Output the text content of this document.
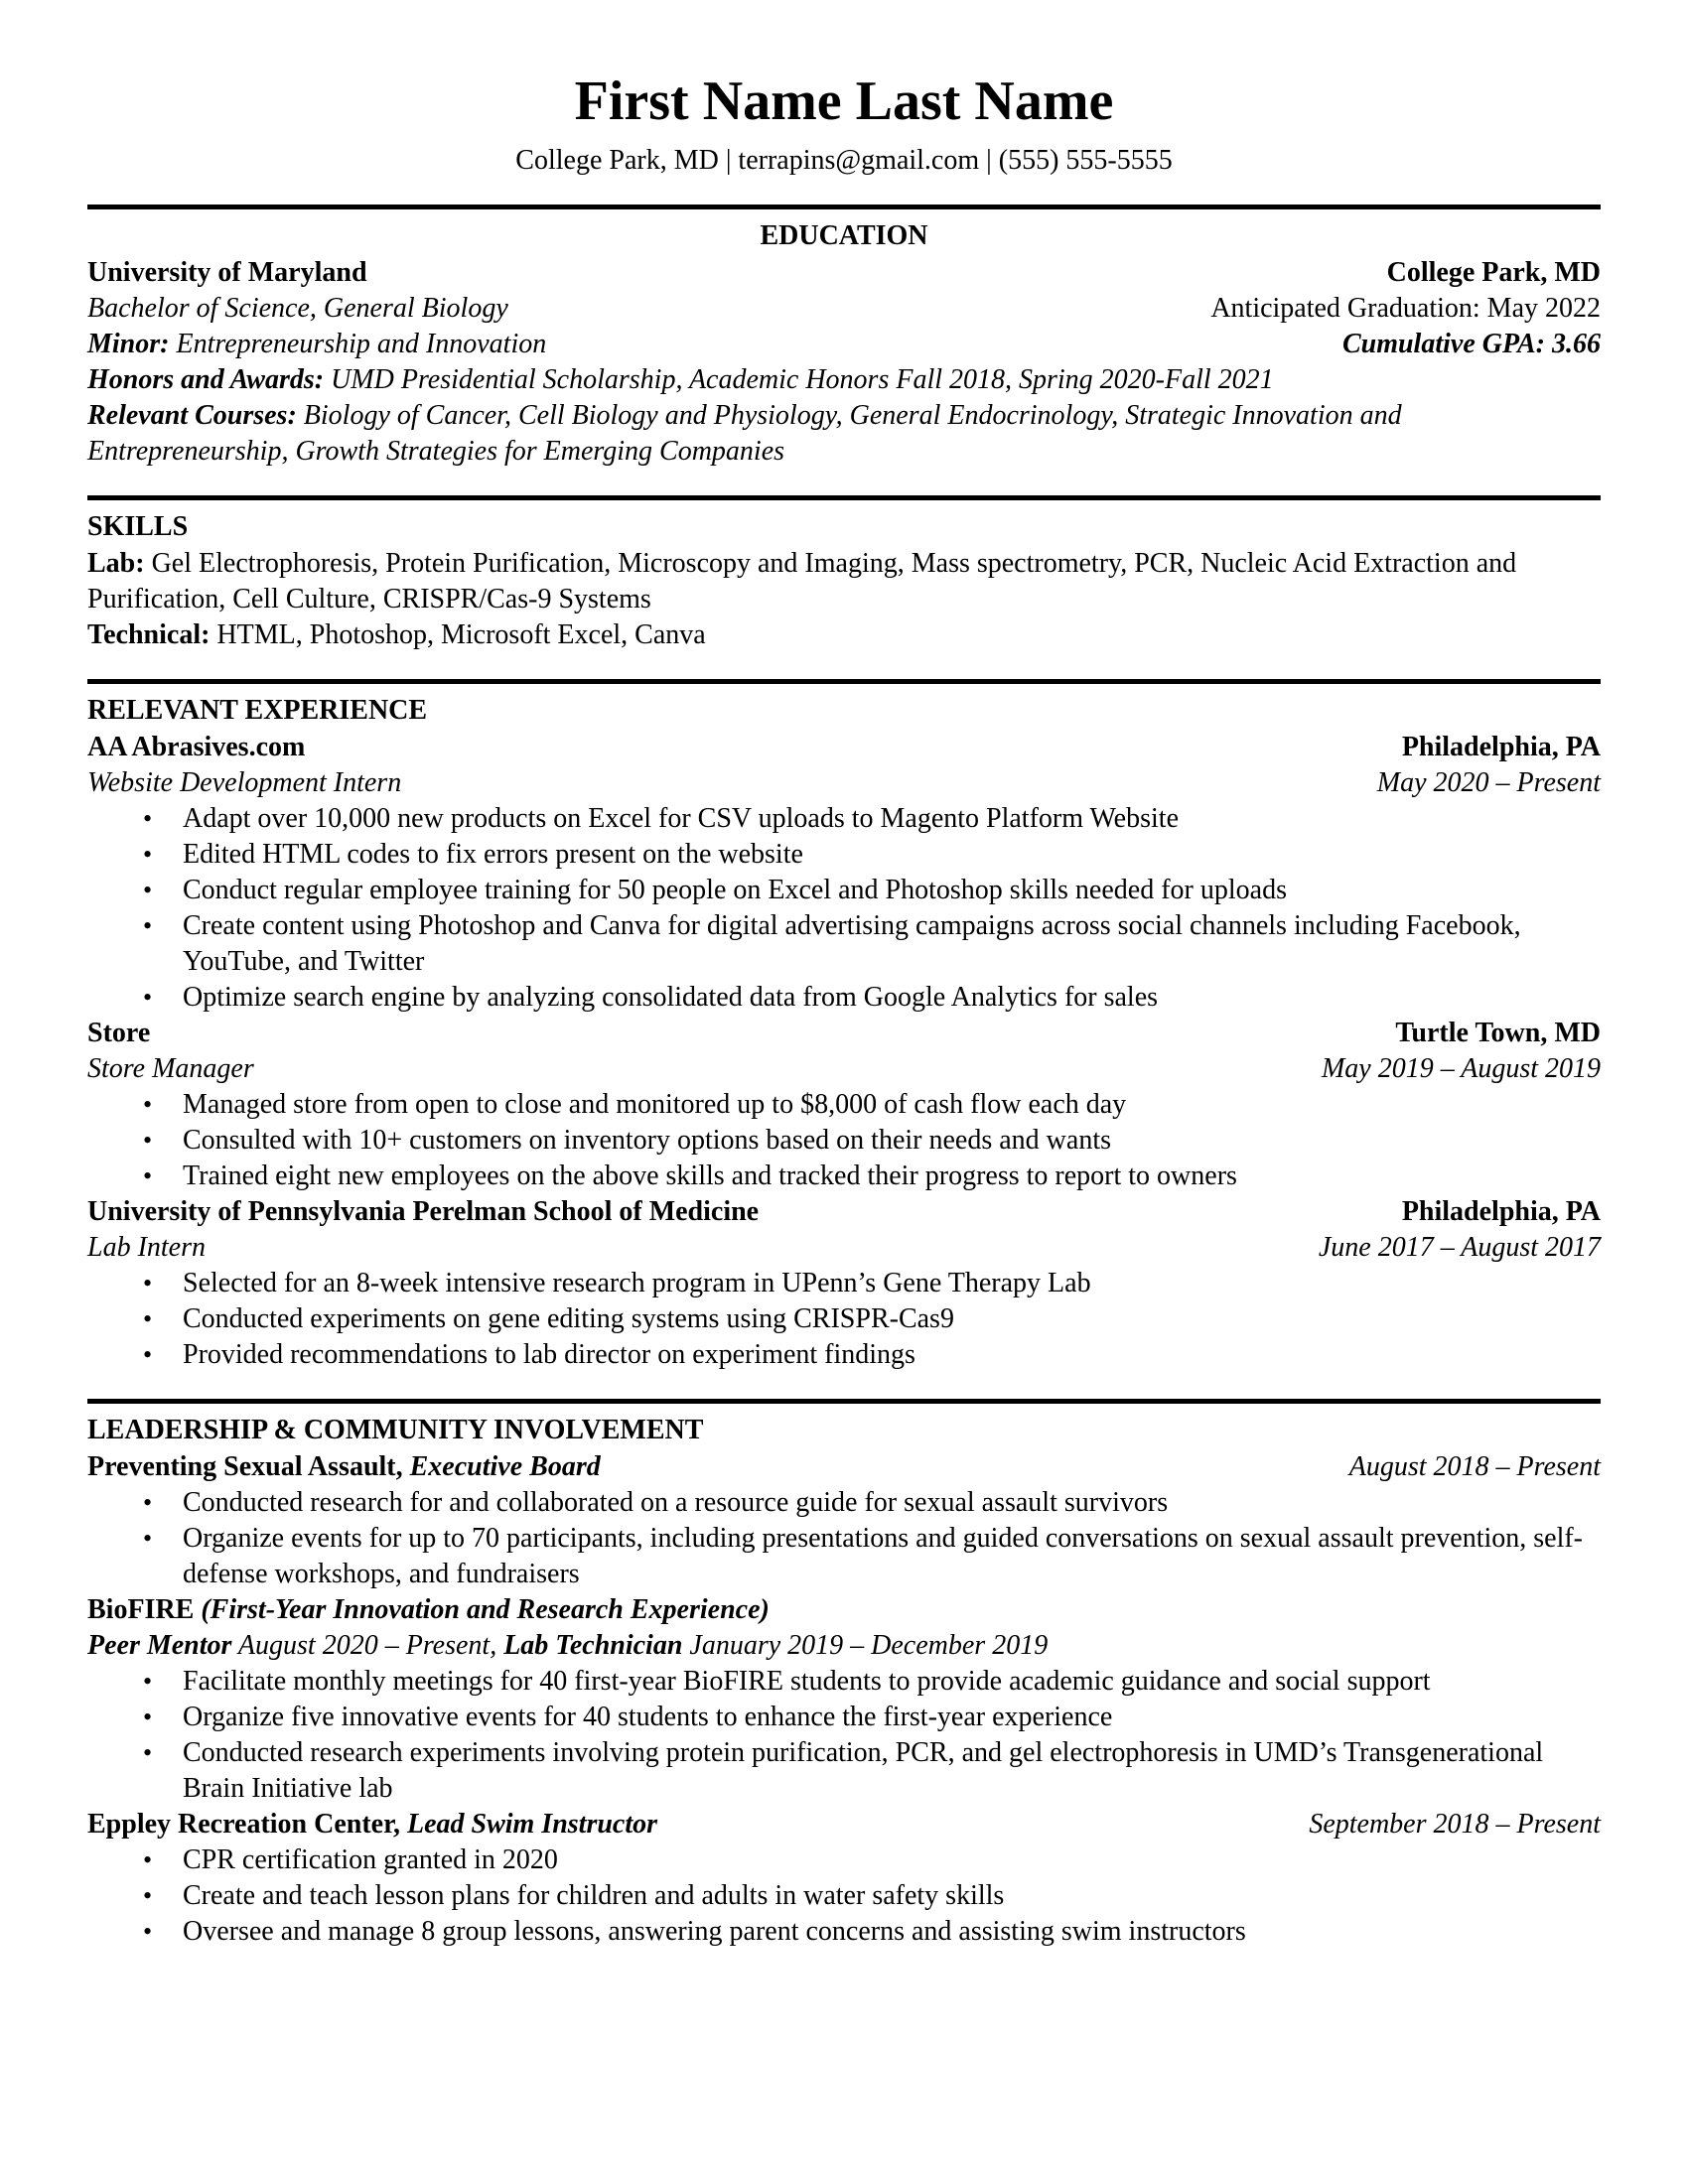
First Name Last Name

College Park, MD | terrapins@gmail.com | (555) 555-5555

EDUCATION
University of Maryland	College Park, MD
Bachelor of Science, General Biology	Anticipated Graduation: May 2022
Minor: Entrepreneurship and Innovation	Cumulative GPA: 3.66

Honors and Awards: UMD Presidential Scholarship, Academic Honors Fall 2018, Spring 2020-Fall 2021

Relevant Courses: Biology of Cancer, Cell Biology and Physiology, General Endocrinology, Strategic Innovation and Entrepreneurship, Growth Strategies for Emerging Companies

SKILLS

Lab: Gel Electrophoresis, Protein Purification, Microscopy and Imaging, Mass spectrometry, PCR, Nucleic Acid Extraction and Purification, Cell Culture, CRISPR/Cas-9 Systems

Technical: HTML, Photoshop, Microsoft Excel, Canva

RELEVANT EXPERIENCE
AA Abrasives.com	Philadelphia, PA
Website Development Intern	May 2020 – Present
• Adapt over 10,000 new products on Excel for CSV uploads to Magento Platform Website
• Edited HTML codes to fix errors present on the website
• Conduct regular employee training for 50 people on Excel and Photoshop skills needed for uploads
• Create content using Photoshop and Canva for digital advertising campaigns across social channels including Facebook, YouTube, and Twitter
• Optimize search engine by analyzing consolidated data from Google Analytics for sales
Store	Turtle Town, MD
Store Manager	May 2019 – August 2019
• Managed store from open to close and monitored up to $8,000 of cash flow each day
• Consulted with 10+ customers on inventory options based on their needs and wants
• Trained eight new employees on the above skills and tracked their progress to report to owners
University of Pennsylvania Perelman School of Medicine	Philadelphia, PA
Lab Intern	June 2017 – August 2017
• Selected for an 8-week intensive research program in UPenn’s Gene Therapy Lab
• Conducted experiments on gene editing systems using CRISPR-Cas9
• Provided recommendations to lab director on experiment findings
LEADERSHIP & COMMUNITY INVOLVEMENT
Preventing Sexual Assault, Executive Board	August 2018 – Present
• Conducted research for and collaborated on a resource guide for sexual assault survivors
• Organize events for up to 70 participants, including presentations and guided conversations on sexual assault prevention, self-defense workshops, and fundraisers
BioFIRE (First-Year Innovation and Research Experience)
Peer Mentor August 2020 – Present, Lab Technician January 2019 – December 2019
• Facilitate monthly meetings for 40 first-year BioFIRE students to provide academic guidance and social support
• Organize five innovative events for 40 students to enhance the first-year experience
• Conducted research experiments involving protein purification, PCR, and gel electrophoresis in UMD’s Transgenerational Brain Initiative lab
Eppley Recreation Center, Lead Swim Instructor	September 2018 – Present
• CPR certification granted in 2020
• Create and teach lesson plans for children and adults in water safety skills
• Oversee and manage 8 group lessons, answering parent concerns and assisting swim instructors
